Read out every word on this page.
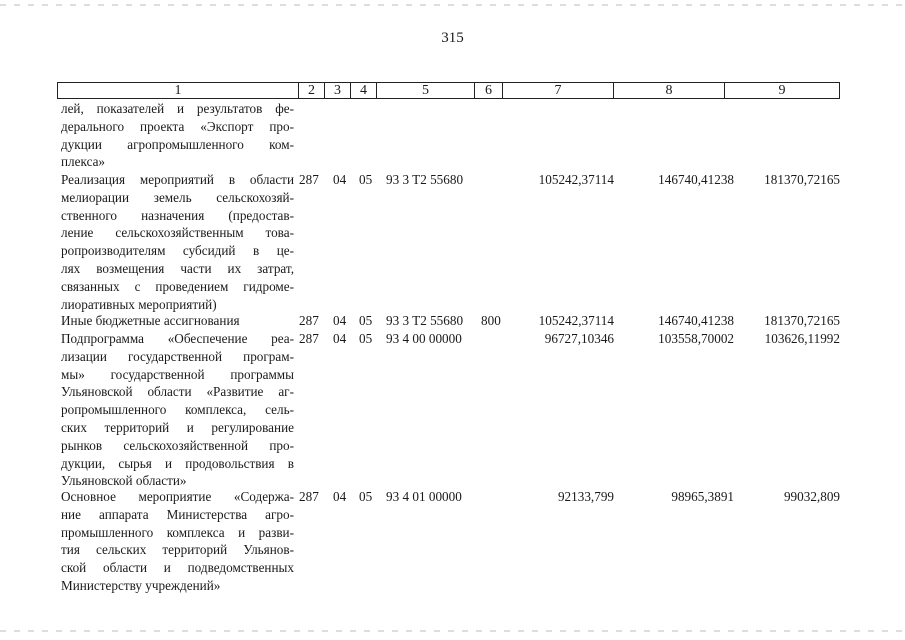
315
1	2	3	4	5	6	7	8	9
лей, показателей и результатов фе-
дерального проекта «Экспорт про-
дукции агропромышленного ком-
плекса»
Реализация мероприятий в области
мелиорации земель сельскохозяй-
ственного назначения (предостав-
ление сельскохозяйственным това-
ропроизводителям субсидий в це-
лях возмещения части их затрат,
связанных с проведением гидроме-
лиоративных мероприятий)
287 04 05 93 3 T2 55680	105242,37114	146740,41238 181370,72165
Иные бюджетные ассигнования	287 04 05 93 3 T2 55680 800	105242,37114	146740,41238 181370,72165
Подпрограмма «Обеспечение реа-
лизации государственной програм-
мы» государственной программы
Ульяновской области «Развитие аг-
ропромышленного комплекса, сель-
ских территорий и регулирование
рынков сельскохозяйственной про-
дукции, сырья и продовольствия в
Ульяновской области»
287 04 05 93 4 00 00000	96727,10346	103558,70002 103626,11992
Основное мероприятие «Содержа-
ние аппарата Министерства агро-
промышленного комплекса и разви-
тия сельских территорий Ульянов-
ской области и подведомственных
Министерству учреждений»
287 04 05 93 4 01 00000	92133,799	98965,3891	99032,809
